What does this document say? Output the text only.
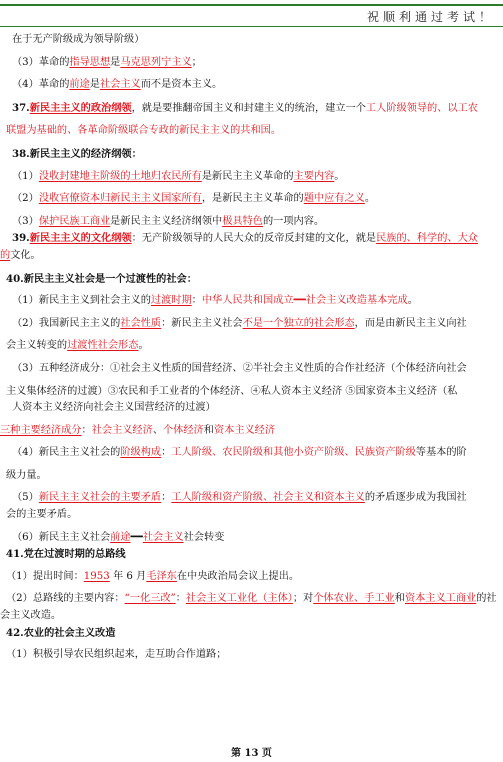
祝顺利通过考试！
在于无产阶级成为领导阶级）
（3）革命的指导思想是马克思列宁主义；
（4）革命的前途是社会主义而不是资本主义。
37.新民主主义的政治纲领，就是要推翻帝国主义和封建主义的统治，建立一个工人阶级领导的、以工农
联盟为基础的、各革命阶级联合专政的新民主主义的共和国。
38.新民主主义的经济纲领：
（1）没收封建地主阶级的土地归农民所有是新民主主义革命的主要内容。
（2）没收官僚资本归新民主主义国家所有，是新民主主义革命的题中应有之义。
（3）保护民族工商业是新民主主义经济纲领中极具特色的一项内容。
39.新民主主义的文化纲领：无产阶级领导的人民大众的反帝反封建的文化，就是民族的、科学的、大众
的文化。
40.新民主主义社会是一个过渡性的社会：
（1）新民主主义到社会主义的过渡时期：中华人民共和国成立━━社会主义改造基本完成。
（2）我国新民主主义的社会性质：新民主主义社会不是一个独立的社会形态，而是由新民主主义向社
会主义转变的过渡性社会形态。
（3）五种经济成分：①社会主义性质的国营经济、②半社会主义性质的合作社经济（个体经济向社会
主义集体经济的过渡）③农民和手工业者的个体经济、④私人资本主义经济 ⑤国家资本主义经济（私
人资本主义经济向社会主义国营经济的过渡）
三种主要经济成分：社会主义经济、个体经济和资本主义经济
（4）新民主主义社会的阶级构成：工人阶级、农民阶级和其他小资产阶级、民族资产阶级等基本的阶
级力量。
（5）新民主主义社会的主要矛盾：工人阶级和资产阶级、社会主义和资本主义的矛盾逐步成为我国社
会的主要矛盾。
（6）新民主主义社会前途━━社会主义社会转变
41.党在过渡时期的总路线
（1）提出时间：1953 年 6 月毛泽东在中央政治局会议上提出。
（2）总路线的主要内容：“一化三改”：社会主义工业化（主体）；对个体农业、手工业和资本主义工商业的社
会主义改造。
42.农业的社会主义改造
（1）积极引导农民组织起来，走互助合作道路；
第 13 页
